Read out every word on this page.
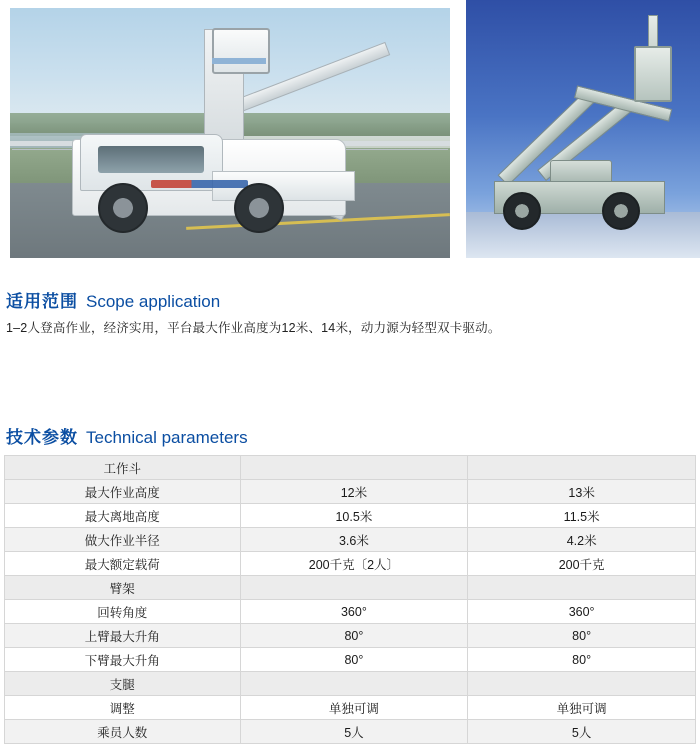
适用范围 Scope application
1–2人登高作业，经济实用，平台最大作业高度为12米、14米，动力源为轻型双卡驱动。
技术参数 Technical parameters
工作斗		
最大作业高度	12米	13米
最大离地高度	10.5米	11.5米
做大作业半径	3.6米	4.2米
最大额定载荷	200千克〔2人〕	200千克
臂架		
回转角度	360°	360°
上臂最大升角	80°	80°
下臂最大升角	80°	80°
支腿		
调整	单独可调	单独可调
乘员人数	5人	5人
